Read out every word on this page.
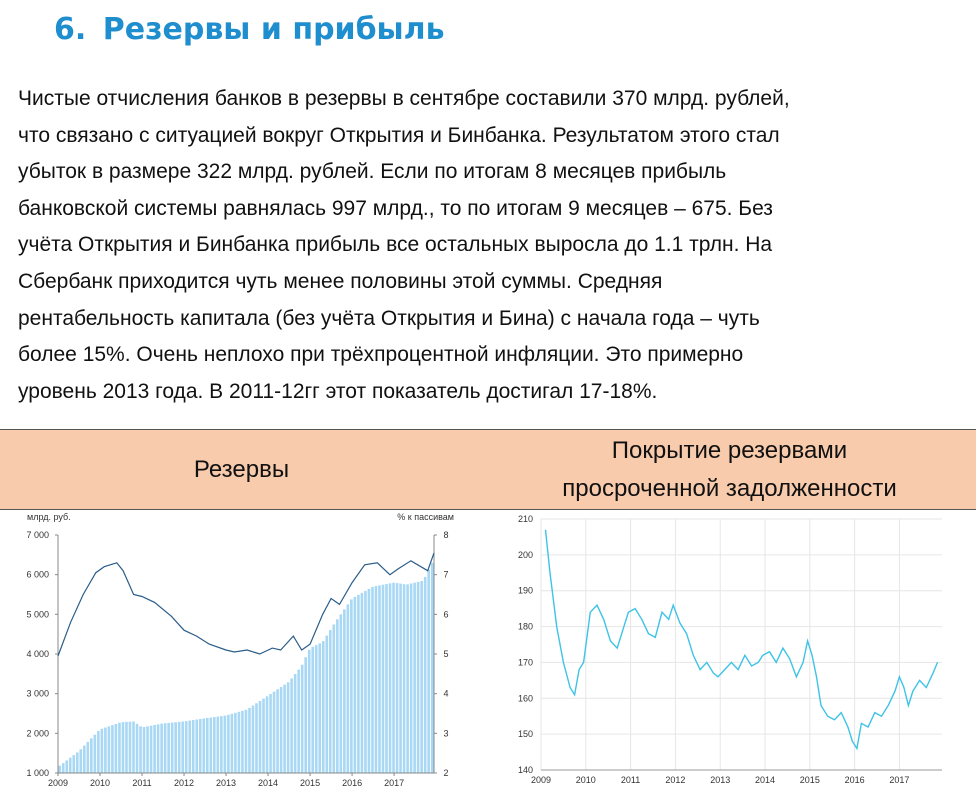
6. Резервы и прибыль
Чистые отчисления банков в резервы в сентябре составили 370 млрд. рублей,
что связано с ситуацией вокруг Открытия и Бинбанка. Результатом этого стал
убыток в размере 322 млрд. рублей. Если по итогам 8 месяцев прибыль
банковской системы равнялась 997 млрд., то по итогам 9 месяцев – 675. Без
учёта Открытия и Бинбанка прибыль все остальных выросла до 1.1 трлн. На
Сбербанк приходится чуть менее половины этой суммы. Средняя
рентабельность капитала (без учёта Открытия и Бина) с начала года – чуть
более 15%. Очень неплохо при трёхпроцентной инфляции. Это примерно
уровень 2013 года. В 2011-12гг этот показатель достигал 17-18%.
Резервы
Покрытие резервами
просроченной задолженности
млрд. руб.	% к пассивам
1 000
2 000
3 000
4 000
5 000
6 000
7 000
2
3
4
5
6
7
8
2009 2010 2011 2012 2013 2014 2015 2016 2017
140
150
160
170
180
190
200
210
2009	2010	2011	2012	2013	2014	2015	2016	2017
